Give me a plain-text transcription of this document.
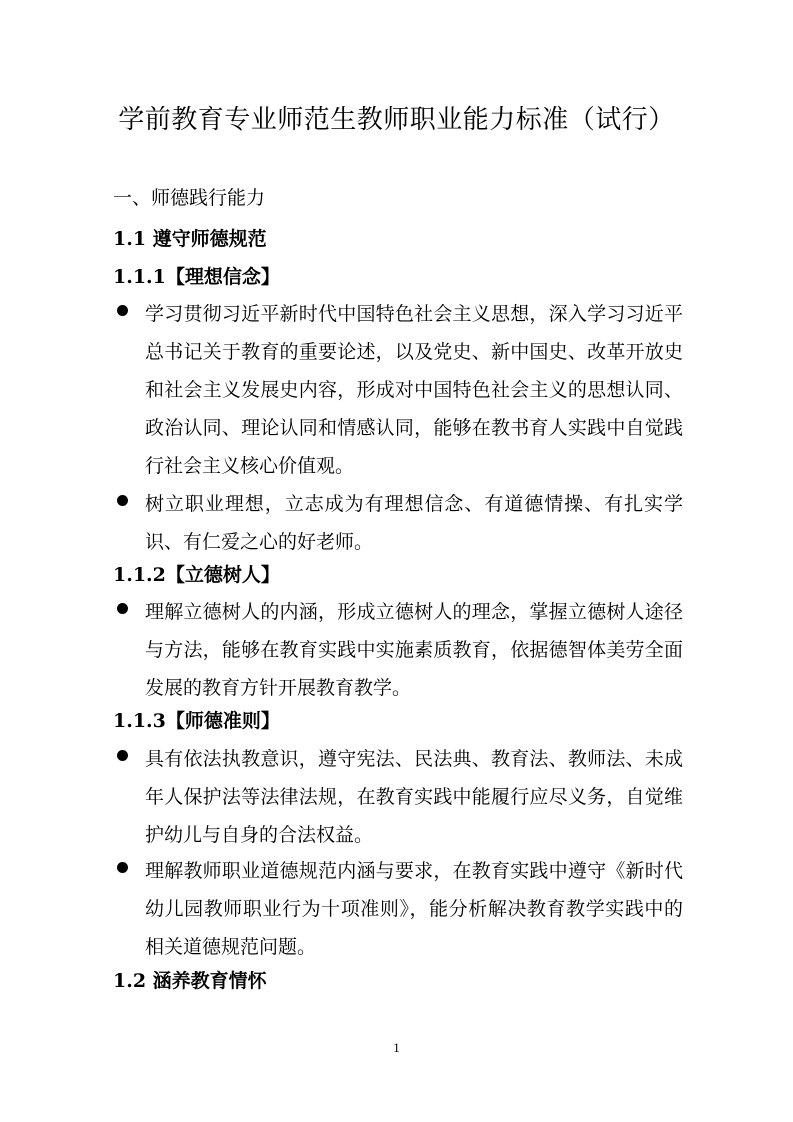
学前教育专业师范生教师职业能力标准（试行）
一、师德践行能力
1.1 遵守师德规范
1.1.1【理想信念】

学习贯彻习近平新时代中国特色社会主义思想，深入学习习近平总书记关于教育的重要论述，以及党史、新中国史、改革开放史和社会主义发展史内容，形成对中国特色社会主义的思想认同、政治认同、理论认同和情感认同，能够在教书育人实践中自觉践行社会主义核心价值观。

树立职业理想，立志成为有理想信念、有道德情操、有扎实学识、有仁爱之心的好老师。

1.1.2【立德树人】

理解立德树人的内涵，形成立德树人的理念，掌握立德树人途径与方法，能够在教育实践中实施素质教育，依据德智体美劳全面发展的教育方针开展教育教学。

1.1.3【师德准则】

具有依法执教意识，遵守宪法、民法典、教育法、教师法、未成年人保护法等法律法规，在教育实践中能履行应尽义务，自觉维护幼儿与自身的合法权益。

理解教师职业道德规范内涵与要求，在教育实践中遵守《新时代幼儿园教师职业行为十项准则》，能分析解决教育教学实践中的相关道德规范问题。

1.2 涵养教育情怀
1
